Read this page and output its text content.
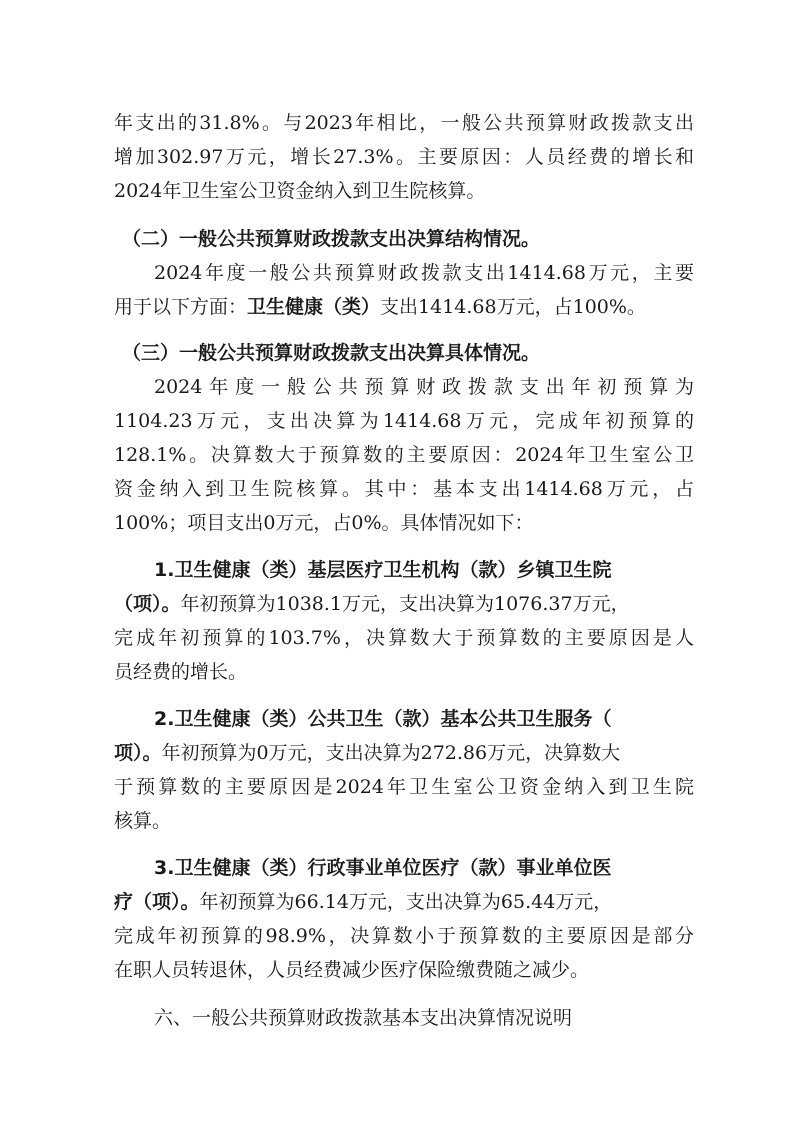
年支出的31.8%。与2023年相比，一般公共预算财政拨款支出
增加302.97万元，增长27.3%。主要原因：人员经费的增长和
2024年卫生室公卫资金纳入到卫生院核算。
（二）一般公共预算财政拨款支出决算结构情况。
2024年度一般公共预算财政拨款支出1414.68万元，主要
用于以下方面：卫生健康（类）支出1414.68万元，占100%。
（三）一般公共预算财政拨款支出决算具体情况。
2024年度一般公共预算财政拨款支出年初预算为
1104.23万元，支出决算为1414.68万元，完成年初预算的
128.1%。决算数大于预算数的主要原因：2024年卫生室公卫
资金纳入到卫生院核算。其中：基本支出1414.68万元，占
100%；项目支出0万元，占0%。具体情况如下：
1.卫生健康（类）基层医疗卫生机构（款）乡镇卫生院
（项）。年初预算为1038.1万元，支出决算为1076.37万元，
完成年初预算的103.7%，决算数大于预算数的主要原因是人
员经费的增长。
2.卫生健康（类）公共卫生（款）基本公共卫生服务（
项）。年初预算为0万元，支出决算为272.86万元，决算数大
于预算数的主要原因是2024年卫生室公卫资金纳入到卫生院
核算。
3.卫生健康（类）行政事业单位医疗（款）事业单位医
疗（项）。年初预算为66.14万元，支出决算为65.44万元，
完成年初预算的98.9%，决算数小于预算数的主要原因是部分
在职人员转退休，人员经费减少医疗保险缴费随之减少。
六、一般公共预算财政拨款基本支出决算情况说明
